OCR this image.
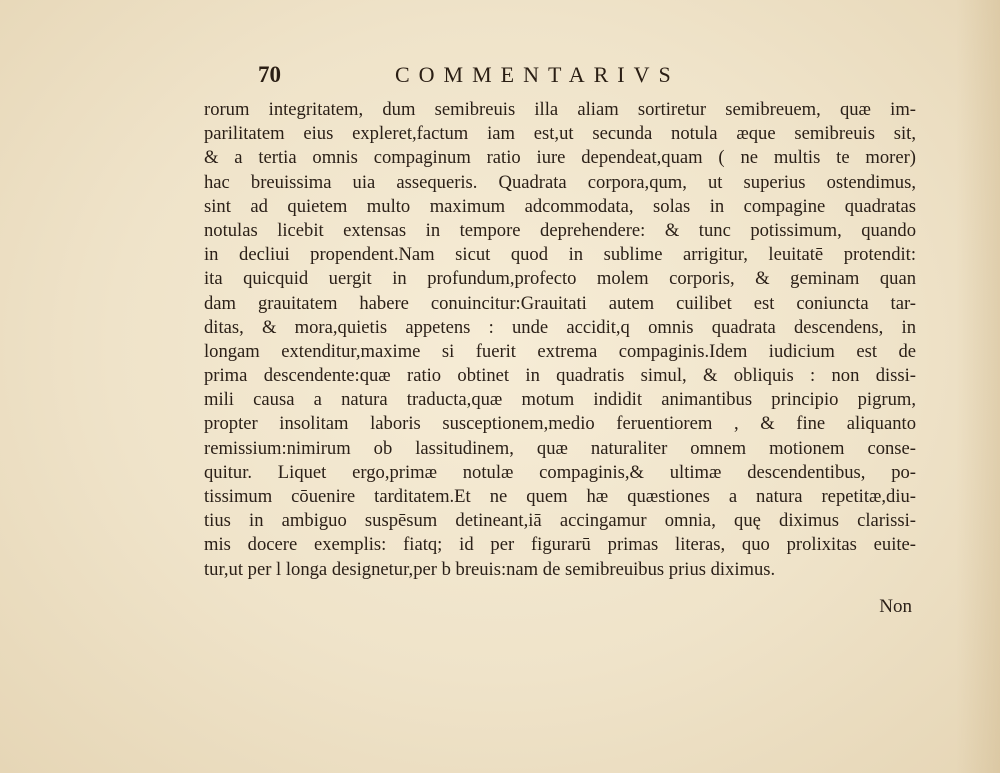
70	COMMENTARIVS
rorum integritatem, dum semibreuis illa aliam sortiretur semibreuem, quæ im-
parilitatem eius expleret,factum iam est,ut secunda notula æque semibreuis sit,
& a tertia omnis compaginum ratio iure dependeat,quam ( ne multis te morer)
hac breuissima uia assequeris. Quadrata corpora,qum, ut superius ostendimus,
sint ad quietem multo maximum adcommodata, solas in compagine quadratas
notulas licebit extensas in tempore deprehendere: & tunc potissimum, quando
in decliui propendent.Nam sicut quod in sublime arrigitur, leuitatē protendit:
ita quicquid uergit in profundum,profecto molem corporis, & geminam quan
dam grauitatem habere conuincitur:Grauitati autem cuilibet est coniuncta tar-
ditas, & mora,quietis appetens : unde accidit,q omnis quadrata descendens, in
longam extenditur,maxime si fuerit extrema compaginis.Idem iudicium est de
prima descendente:quæ ratio obtinet in quadratis simul, & obliquis : non dissi-
mili causa a natura traducta,quæ motum indidit animantibus principio pigrum,
propter insolitam laboris susceptionem,medio feruentiorem , & fine aliquanto
remissium:nimirum ob lassitudinem, quæ naturaliter omnem motionem conse-
quitur. Liquet ergo,primæ notulæ compaginis,& ultimæ descendentibus, po-
tissimum cōuenire tarditatem.Et ne quem hæ quæstiones a natura repetitæ,diu-
tius in ambiguo suspēsum detineant,iā accingamur omnia, quę diximus clarissi-
mis docere exemplis: fiatq; id per figurarū primas literas, quo prolixitas euite-
tur,ut per l longa designetur,per b breuis:nam de semibreuibus prius diximus.
Non
